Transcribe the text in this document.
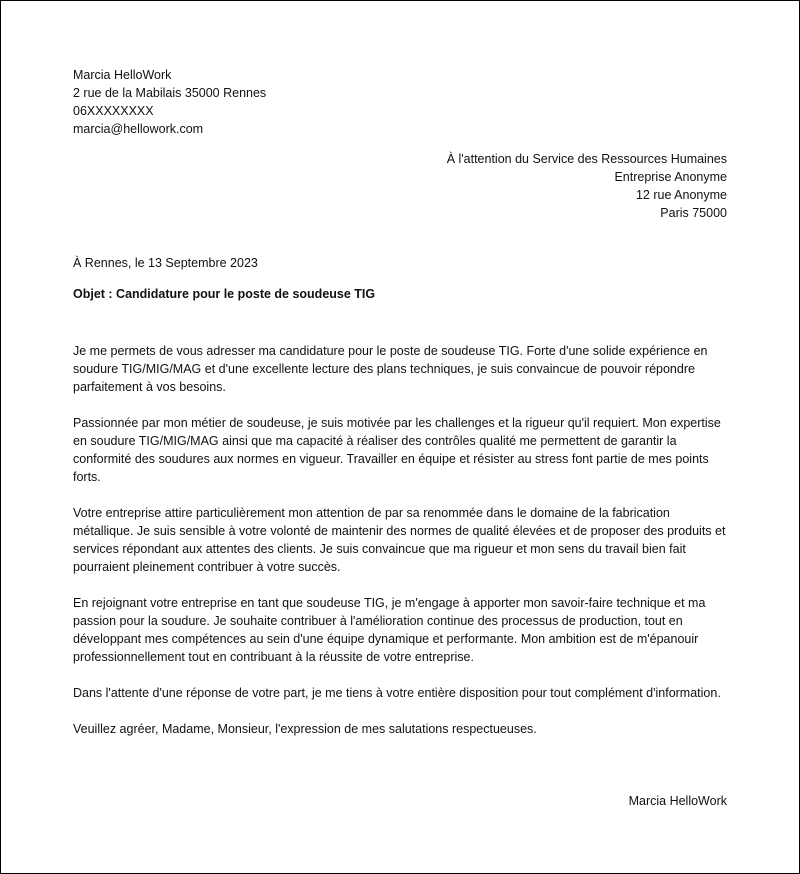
Marcia HelloWork
2 rue de la Mabilais 35000 Rennes
06XXXXXXXX
marcia@hellowork.com
À l'attention du Service des Ressources Humaines
Entreprise Anonyme
12 rue Anonyme
Paris 75000
À Rennes, le 13 Septembre 2023
Objet : Candidature pour le poste de soudeuse TIG

Je me permets de vous adresser ma candidature pour le poste de soudeuse TIG. Forte d'une solide expérience en soudure TIG/MIG/MAG et d'une excellente lecture des plans techniques, je suis convaincue de pouvoir répondre parfaitement à vos besoins.

Passionnée par mon métier de soudeuse, je suis motivée par les challenges et la rigueur qu'il requiert. Mon expertise en soudure TIG/MIG/MAG ainsi que ma capacité à réaliser des contrôles qualité me permettent de garantir la conformité des soudures aux normes en vigueur. Travailler en équipe et résister au stress font partie de mes points forts.

Votre entreprise attire particulièrement mon attention de par sa renommée dans le domaine de la fabrication métallique. Je suis sensible à votre volonté de maintenir des normes de qualité élevées et de proposer des produits et services répondant aux attentes des clients. Je suis convaincue que ma rigueur et mon sens du travail bien fait pourraient pleinement contribuer à votre succès.

En rejoignant votre entreprise en tant que soudeuse TIG, je m'engage à apporter mon savoir-faire technique et ma passion pour la soudure. Je souhaite contribuer à l'amélioration continue des processus de production, tout en développant mes compétences au sein d'une équipe dynamique et performante. Mon ambition est de m'épanouir professionnellement tout en contribuant à la réussite de votre entreprise.

Dans l'attente d'une réponse de votre part, je me tiens à votre entière disposition pour tout complément d'information.

Veuillez agréer, Madame, Monsieur, l'expression de mes salutations respectueuses.

Marcia HelloWork
